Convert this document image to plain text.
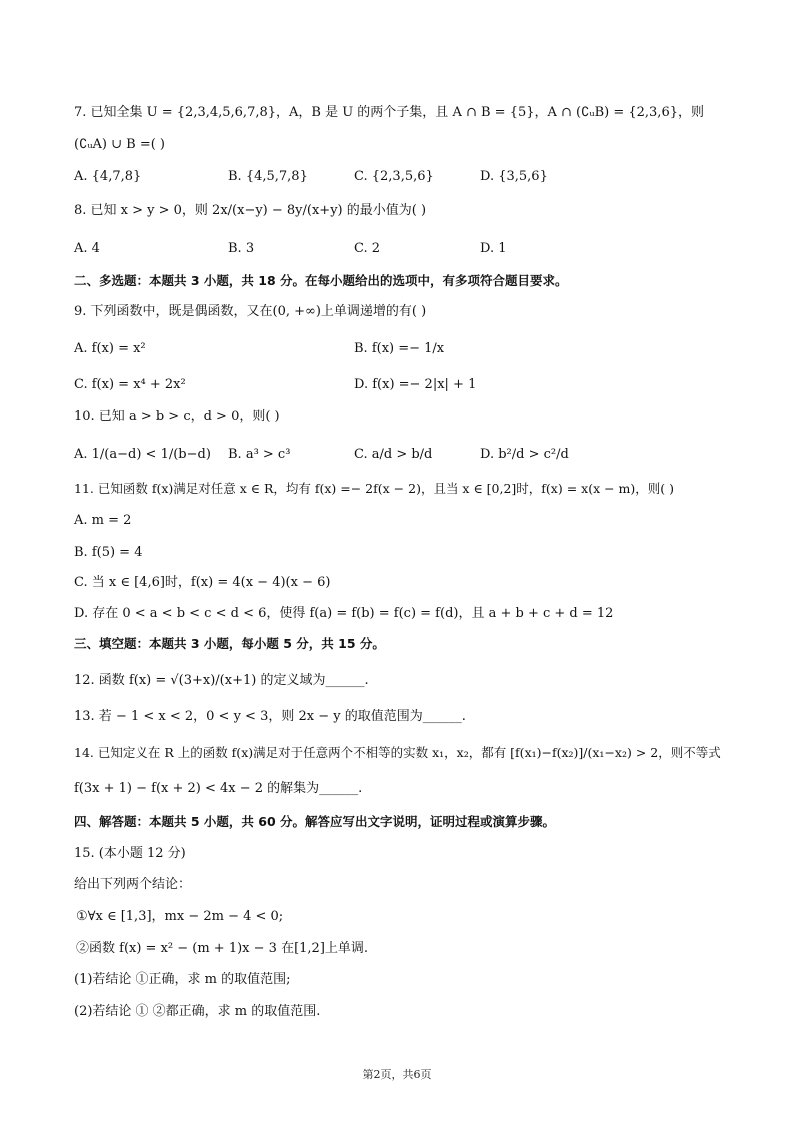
7. 已知全集 U = {2,3,4,5,6,7,8}，A，B 是 U 的两个子集，且 A ∩ B = {5}，A ∩ (∁ᵤB) = {2,3,6}，则
(∁ᵤA) ∪ B =( )
A. {4,7,8}	B. {4,5,7,8}	C. {2,3,5,6}	D. {3,5,6}
8. 已知 x > y > 0，则 2x/(x−y) − 8y/(x+y) 的最小值为( )
A. 4	B. 3	C. 2	D. 1
二、多选题：本题共 3 小题，共 18 分。在每小题给出的选项中，有多项符合题目要求。
9. 下列函数中，既是偶函数，又在(0, +∞)上单调递增的有( )
A. f(x) = x²	B. f(x) =− 1/x
C. f(x) = x⁴ + 2x²	D. f(x) =− 2|x| + 1
10. 已知 a > b > c，d > 0，则( )
A. 1/(a−d) < 1/(b−d) B. a³ > c³	C. a/d > b/d	D. b²/d > c²/d
11. 已知函数 f(x)满足对任意 x ∈ R，均有 f(x) =− 2f(x − 2)，且当 x ∈ [0,2]时，f(x) = x(x − m)，则( )
A. m = 2
B. f(5) = 4
C. 当 x ∈ [4,6]时，f(x) = 4(x − 4)(x − 6)
D. 存在 0 < a < b < c < d < 6，使得 f(a) = f(b) = f(c) = f(d)，且 a + b + c + d = 12
三、填空题：本题共 3 小题，每小题 5 分，共 15 分。
12. 函数 f(x) = √(3+x)/(x+1) 的定义域为______.
13. 若 − 1 < x < 2，0 < y < 3，则 2x − y 的取值范围为______.
14. 已知定义在 R 上的函数 f(x)满足对于任意两个不相等的实数 x₁，x₂，都有 [f(x₁)−f(x₂)]/(x₁−x₂) > 2，则不等式
f(3x + 1) − f(x + 2) < 4x − 2 的解集为______.
四、解答题：本题共 5 小题，共 60 分。解答应写出文字说明，证明过程或演算步骤。
15. (本小题 12 分)
给出下列两个结论：
①∀x ∈ [1,3]，mx − 2m − 4 < 0;
②函数 f(x) = x² − (m + 1)x − 3 在[1,2]上单调.
(1)若结论 ①正确，求 m 的取值范围;
(2)若结论 ① ②都正确，求 m 的取值范围.
第2页，共6页
